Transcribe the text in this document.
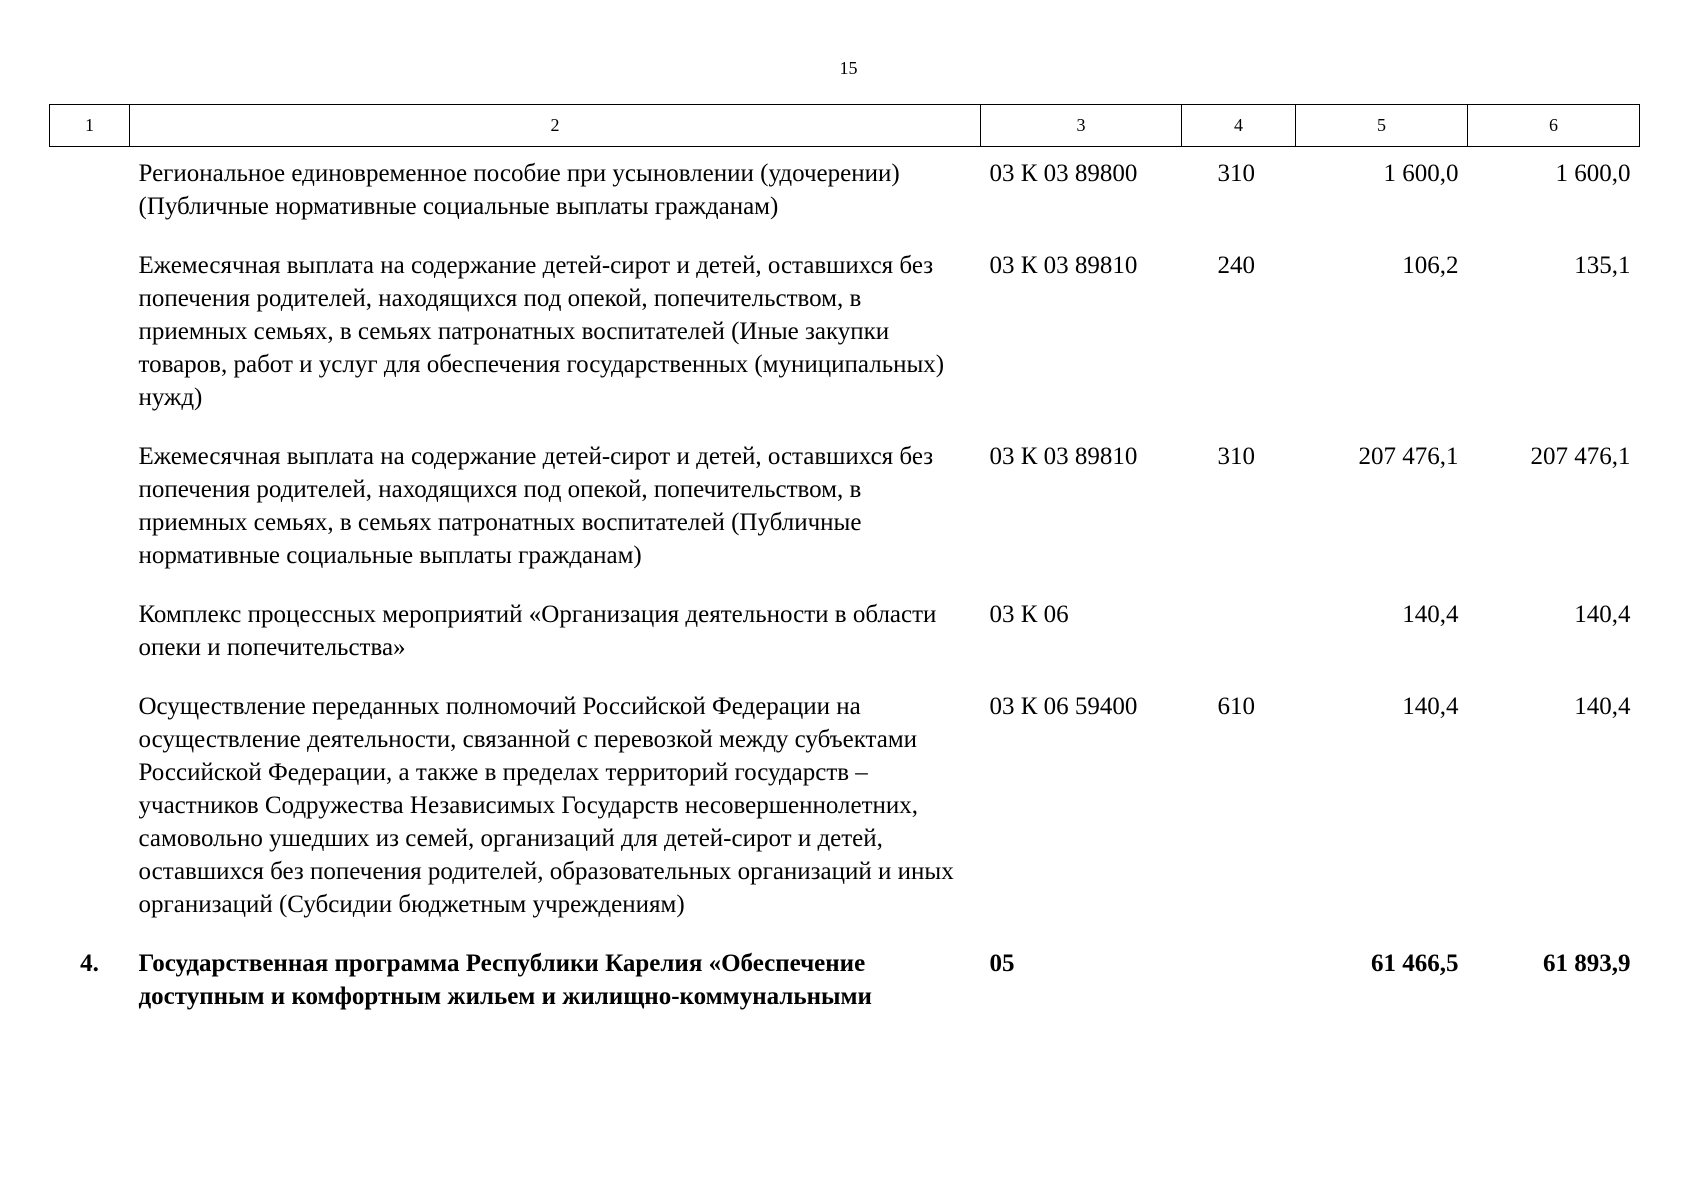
15
1	2	3	4	5	6
	Региональное единовременное пособие при усыновлении (удочерении) (Публичные нормативные социальные выплаты гражданам)	03 К 03 89800	310	1 600,0	1 600,0
	Ежемесячная выплата на содержание детей-сирот и детей, оставшихся без попечения родителей, находящихся под опекой, попечительством, в приемных семьях, в семьях патронатных воспитателей (Иные закупки товаров, работ и услуг для обеспечения государственных (муниципальных) нужд)	03 К 03 89810	240	106,2	135,1
	Ежемесячная выплата на содержание детей-сирот и детей, оставшихся без попечения родителей, находящихся под опекой, попечительством, в приемных семьях, в семьях патронатных воспитателей (Публичные нормативные социальные выплаты гражданам)	03 К 03 89810	310	207 476,1	207 476,1
	Комплекс процессных мероприятий «Организация деятельности в области опеки и попечительства»	03 К 06		140,4	140,4
	Осуществление переданных полномочий Российской Федерации на осуществление деятельности, связанной с перевозкой между субъектами Российской Федерации, а также в пределах территорий государств – участников Содружества Независимых Государств несовершеннолетних, самовольно ушедших из семей, организаций для детей-сирот и детей, оставшихся без попечения родителей, образовательных организаций и иных организаций (Субсидии бюджетным учреждениям)	03 К 06 59400	610	140,4	140,4
4.	Государственная программа Республики Карелия «Обеспечение доступным и комфортным жильем и жилищно-коммунальными	05		61 466,5	61 893,9
